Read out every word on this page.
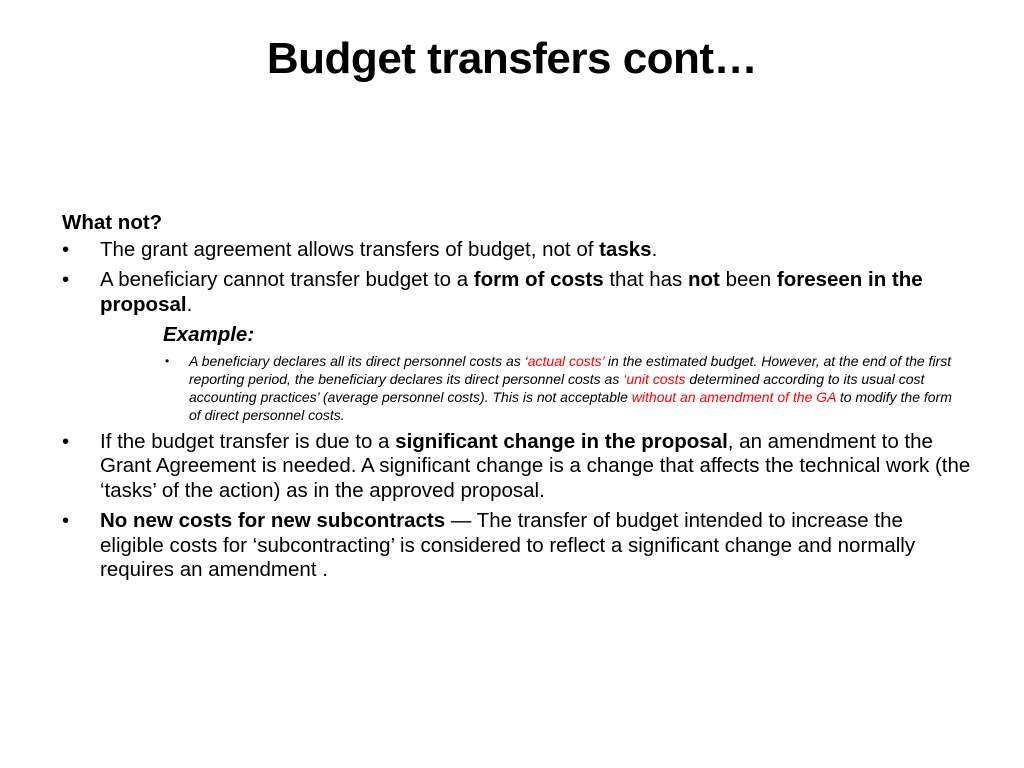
Budget transfers cont…
What not?
•	The grant agreement allows transfers of budget, not of tasks.
•	A beneficiary cannot transfer budget to a form of costs that has not been foreseen in the proposal.
Example:
• A beneficiary declares all its direct personnel costs as ‘actual costs’ in the estimated budget. However, at the end of the first reporting period, the beneficiary declares its direct personnel costs as ‘unit costs determined according to its usual cost accounting practices’ (average personnel costs). This is not acceptable without an amendment of the GA to modify the form of direct personnel costs.
•	If the budget transfer is due to a significant change in the proposal, an amendment to the Grant Agreement is needed. A significant change is a change that affects the technical work (the ‘tasks’ of the action) as in the approved proposal.
•	No new costs for new subcontracts — The transfer of budget intended to increase the eligible costs for ‘subcontracting’ is considered to reflect a significant change and normally requires an amendment .
